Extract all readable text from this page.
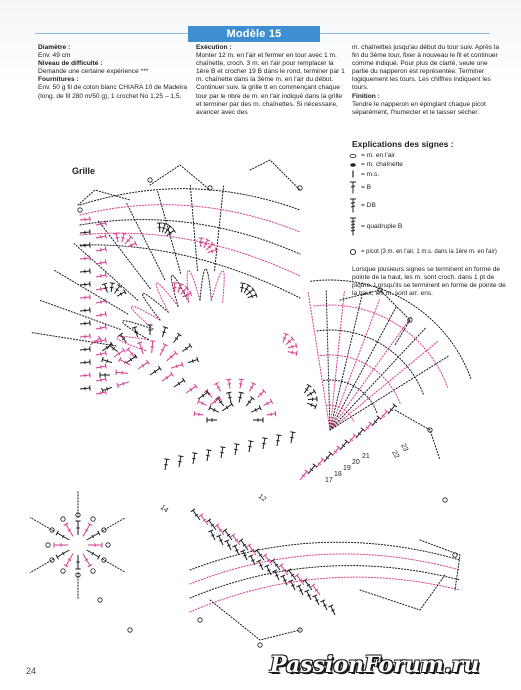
Modèle 15

Diamètre :

Env. 49 cm

Niveau de difficulté :

Demande une certaine expérience ***

Fournitures :

Env. 50 g fil de coton blanc CHIARA 10 de Madeira (long. de fil 280 m/50 g), 1 crochet No 1,25 – 1,5.

Exécution :

Monter 12 m. en l'air et fermer en tour avec 1 m. chaînette, croch. 3 m. en l'air pour remplacer la 1ère B et crocher 19 B dans le rond, terminer par 1 m. chaînette dans la 3ème m. en l'air du début. Continuer suiv. la grille tt en commençant chaque tour par le nbre de m. en l'air indiqué dans la grille et terminer par des m. chaînettes. Si nécessaire, avancer avec des

m. chaînettes jusqu'au début du tour suiv. Après la fin du 3ème tour, fixer à nouveau le fil et continuer comme indiqué. Pour plus de clarté, seule une partie du napperon est représentée. Terminer logiquement les tours. Les chiffres indiquent les tours.

Finition :

Tendre le napperon en épinglant chaque picot séparément, l'humecter et le laisser sécher.

Explications des signes :
= m. en l'air
= m. chaînette
= m.s.
= B
= DB
= quadruple B
= picot (3 m. en l'air, 1 m.s. dans la 1ère m. en l'air)
Lorsque plusieurs signes se terminent en forme de pointe de la haut, les m. sont croch. dans 1 pt de piqûre. Lorsqu'ils se terminent en forme de pointe de la haut, les m. sont arr. ens.
Grille
23
22
21
20
19
18
17
14
12
24	PassionForum.ru
